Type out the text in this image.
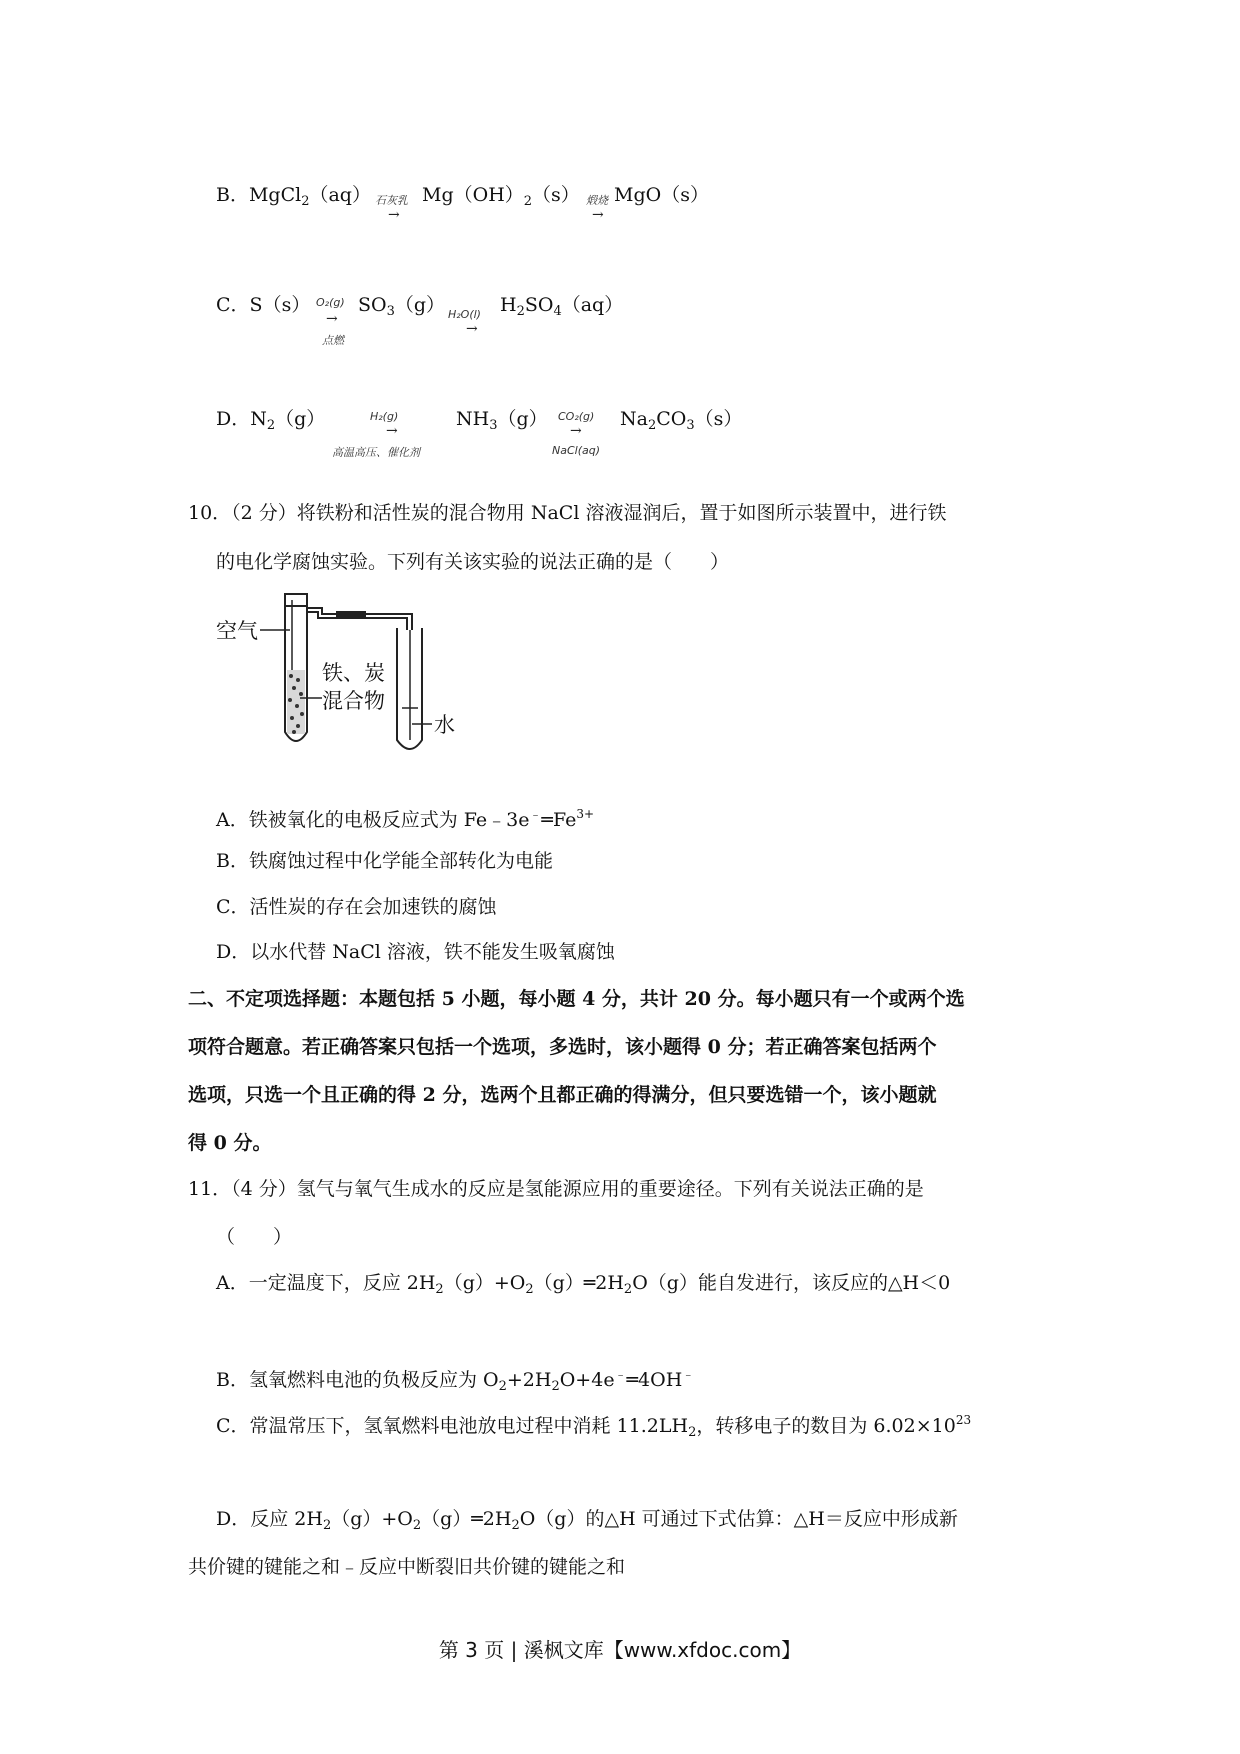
B．MgCl$_2$（aq） 石灰乳
→
$Mg(OH)_2(s)$ 煅烧
→
MgO（s）
C．S（s） O₂(g)
→
点燃
$SO_3(g)$ H₂O(l)
→
$H_2SO_4(aq)$
D．$N_2(g)$	H₂(g)
→
高温高压、催化剂
$NH_3(g)$ CO₂(g)
→
NaCl(aq)
$Na_2CO_3(s)$
10．（2 分）将铁粉和活性炭的混合物用 NaCl 溶液湿润后，置于如图所示装置中，进行铁
的电化学腐蚀实验。下列有关该实验的说法正确的是（　　）
空气
铁、炭
混合物
水
A．铁被氧化的电极反应式为 $Fe﹣3e^﹣═Fe^{3+}$
B．铁腐蚀过程中化学能全部转化为电能
C．活性炭的存在会加速铁的腐蚀
D．以水代替 NaCl 溶液，铁不能发生吸氧腐蚀
二、不定项选择题：本题包括 5 小题，每小题 4 分，共计 20 分。每小题只有一个或两个选
项符合题意。若正确答案只包括一个选项，多选时，该小题得 0 分；若正确答案包括两个
选项，只选一个且正确的得 2 分，选两个且都正确的得满分，但只要选错一个，该小题就
得 0 分。
11．（4 分）氢气与氧气生成水的反应是氢能源应用的重要途径。下列有关说法正确的是
（　　）
A．一定温度下，反应 $2H_2(g)+O_2(g)═2H_2O(g)$能自发进行，该反应的△H＜0
B．氢氧燃料电池的负极反应为 $O_2+2H_2O+4e^﹣═4OH^﹣$
C．常温常压下，氢氧燃料电池放电过程中消耗 $11.2LH_2$，转移电子的数目为 $6.02\times 10^{23}$
D．反应 $2H_2(g)+O_2(g)═2H_2O(g)$的△H 可通过下式估算：△H＝反应中形成新
共价键的键能之和﹣反应中断裂旧共价键的键能之和
第 3 页 | 溪枫文库【www.xfdoc.com】
